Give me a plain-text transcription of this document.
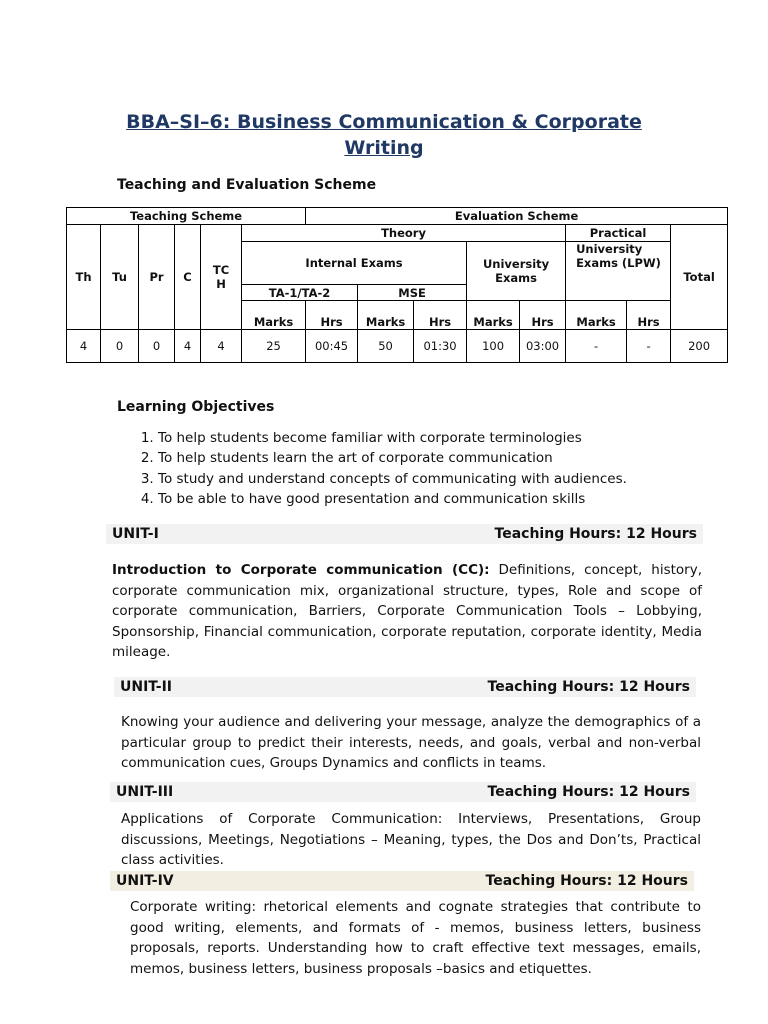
BBA–SI–6: Business Communication & Corporate Writing
Teaching and Evaluation Scheme
Teaching Scheme						Evaluation Scheme							
Th	Tu	Pr	C	TC H	Theory						Practical		Total
					Internal Exams				University Exams		University Exams (LPW)		
					TA-1/TA-2		MSE						
					Marks	Hrs	Marks	Hrs	Marks	Hrs	Marks	Hrs	
4	0	0	4	4	25	00:45	50	01:30	100	03:00	-	-	200
Learning Objectives
1. To help students become familiar with corporate terminologies
2. To help students learn the art of corporate communication
3. To study and understand concepts of communicating with audiences.
4. To be able to have good presentation and communication skills
UNIT-I	Teaching Hours: 12 Hours
Introduction to Corporate communication (CC): Definitions, concept, history, corporate communication mix, organizational structure, types, Role and scope of corporate communication, Barriers, Corporate Communication Tools – Lobbying, Sponsorship, Financial communication, corporate reputation, corporate identity, Media mileage.
UNIT-II	Teaching Hours: 12 Hours
Knowing your audience and delivering your message, analyze the demographics of a particular group to predict their interests, needs, and goals, verbal and non-verbal communication cues, Groups Dynamics and conflicts in teams.
UNIT-III	Teaching Hours: 12 Hours
Applications of Corporate Communication: Interviews, Presentations, Group discussions, Meetings, Negotiations – Meaning, types, the Dos and Don’ts, Practical class activities.
UNIT-IV	Teaching Hours: 12 Hours
Corporate writing: rhetorical elements and cognate strategies that contribute to good writing, elements, and formats of - memos, business letters, business proposals, reports. Understanding how to craft effective text messages, emails, memos, business letters, business proposals –basics and etiquettes.
